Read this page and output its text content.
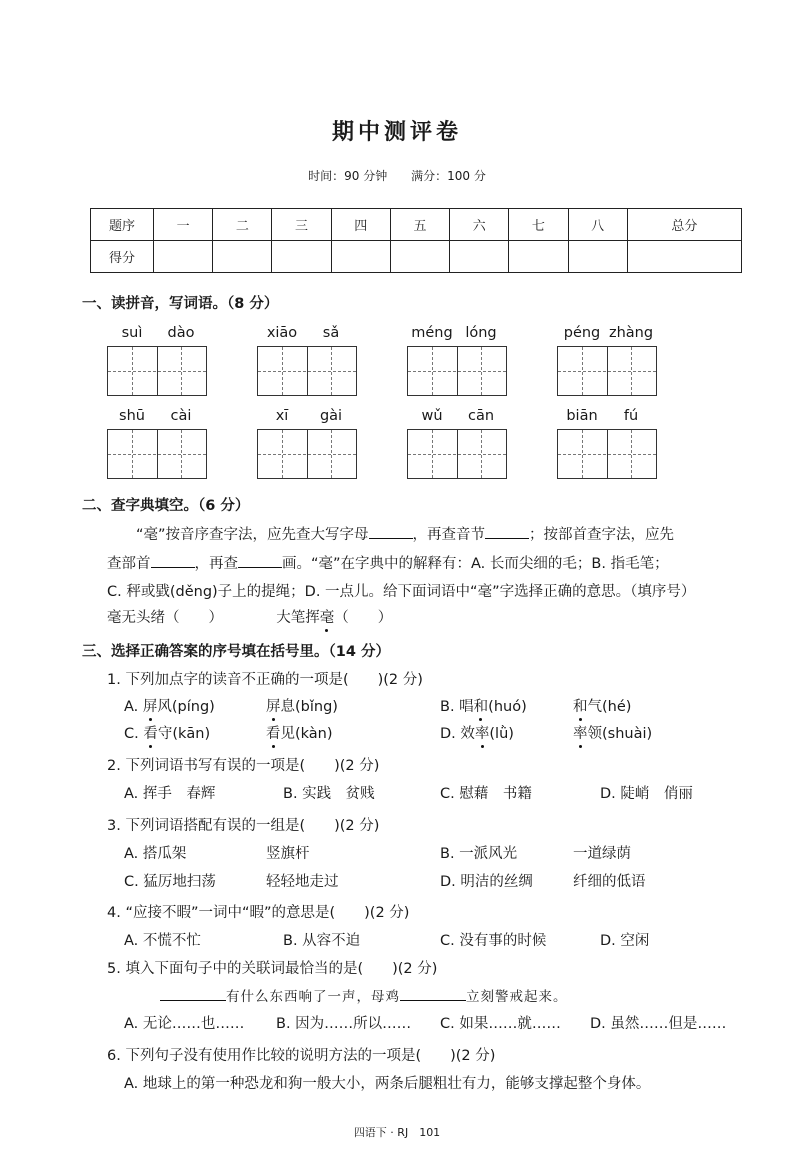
期中测评卷
时间：90 分钟 满分：100 分
题序	一	二	三	四	五	六	七	八	总分
得分									
一、读拼音，写词语。（8 分）
suì	dào	xiāo	sǎ	méng lóng	péng zhàng
shū	cài	xī	gài	wǔ	cān	biān	fú
二、查字典填空。（6 分）
“毫”按音序查字法，应先查大写字母	，再查音节	；按部首查字法，应先
查部首	，再查	画。“毫”在字典中的解释有：A. 长而尖细的毛；B. 指毛笔；
C. 秤或戥(děng)子上的提绳；D. 一点儿。给下面词语中“毫”字选择正确的意思。（填序号）
毫无头绪（　　）	大笔挥毫（　　）
三、选择正确答案的序号填在括号里。（14 分）
1. 下列加点字的读音不正确的一项是(　　)(2 分)
A. 屏风(píng)	屏息(bǐng)	B. 唱和(huó)	和气(hé)
C. 看守(kān)	看见(kàn)	D. 效率(lǜ)	率领(shuài)
2. 下列词语书写有误的一项是(　　)(2 分)
A. 挥手　春辉	B. 实践　贫贱	C. 慰藉　书籍	D. 陡峭　俏丽
3. 下列词语搭配有误的一组是(　　)(2 分)
A. 搭瓜架	竖旗杆	B. 一派风光	一道绿荫
C. 猛厉地扫荡	轻轻地走过	D. 明洁的丝绸	纤细的低语
4. “应接不暇”一词中“暇”的意思是(　　)(2 分)
A. 不慌不忙	B. 从容不迫	C. 没有事的时候	D. 空闲
5. 填入下面句子中的关联词最恰当的是(　　)(2 分)
有什么东西响了一声，母鸡	立刻警戒起来。
A. 无论……也…… B. 因为……所以…… C. 如果……就…… D. 虽然……但是……
6. 下列句子没有使用作比较的说明方法的一项是(　　)(2 分)
A. 地球上的第一种恐龙和狗一般大小，两条后腿粗壮有力，能够支撑起整个身体。
四语下 · RJ　101
